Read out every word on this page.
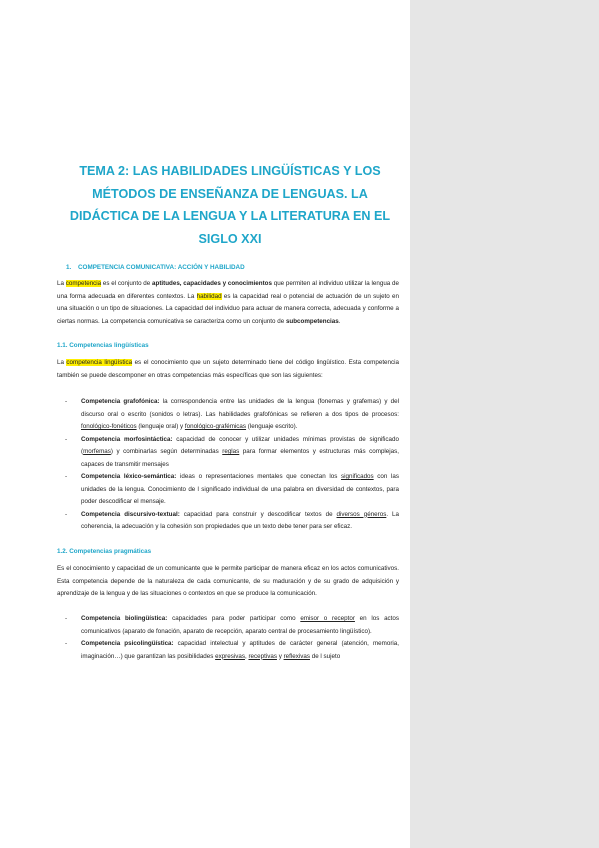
TEMA 2: LAS HABILIDADES LINGÜÍSTICAS Y LOS MÉTODOS DE ENSEÑANZA DE LENGUAS. LA DIDÁCTICA DE LA LENGUA Y LA LITERATURA EN EL SIGLO XXI
1. COMPETENCIA COMUNICATIVA: ACCIÓN Y HABILIDAD

La competencia es el conjunto de aptitudes, capacidades y conocimientos que permiten al individuo utilizar la lengua de una forma adecuada en diferentes contextos. La habilidad es la capacidad real o potencial de actuación de un sujeto en una situación o un tipo de situaciones. La capacidad del individuo para actuar de manera correcta, adecuada y conforme a ciertas normas. La competencia comunicativa se caracteriza como un conjunto de subcompetencias.

1.1. Competencias lingüísticas

La competencia lingüística es el conocimiento que un sujeto determinado tiene del código lingüístico. Esta competencia también se puede descomponer en otras competencias más específicas que son las siguientes:

- Competencia grafofónica: la correspondencia entre las unidades de la lengua (fonemas y grafemas) y del discurso oral o escrito (sonidos o letras). Las habilidades grafofónicas se refieren a dos tipos de procesos: fonológico-fonéticos (lenguaje oral) y fonológico-grafémicas (lenguaje escrito).
- Competencia morfosintáctica: capacidad de conocer y utilizar unidades mínimas provistas de significado (morfemas) y combinarlas según determinadas reglas para formar elementos y estructuras más complejas, capaces de transmitir mensajes
- Competencia léxico-semántica: ideas o representaciones mentales que conectan los significados con las unidades de la lengua. Conocimiento de l significado individual de una palabra en diversidad de contextos, para poder descodificar el mensaje.
- Competencia discursivo-textual: capacidad para construir y descodificar textos de diversos géneros. La coherencia, la adecuación y la cohesión son propiedades que un texto debe tener para ser eficaz.
1.2. Competencias pragmáticas

Es el conocimiento y capacidad de un comunicante que le permite participar de manera eficaz en los actos comunicativos. Esta competencia depende de la naturaleza de cada comunicante, de su maduración y de su grado de adquisición y aprendizaje de la lengua y de las situaciones o contextos en que se produce la comunicación.

- Competencia biolingüística: capacidades para poder participar como emisor o receptor en los actos comunicativos (aparato de fonación, aparato de recepción, aparato central de procesamiento lingüístico).
- Competencia psicolingüística: capacidad intelectual y aptitudes de carácter general (atención, memoria, imaginación…) que garantizan las posibilidades expresivas, receptivas y reflexivas de l sujeto
